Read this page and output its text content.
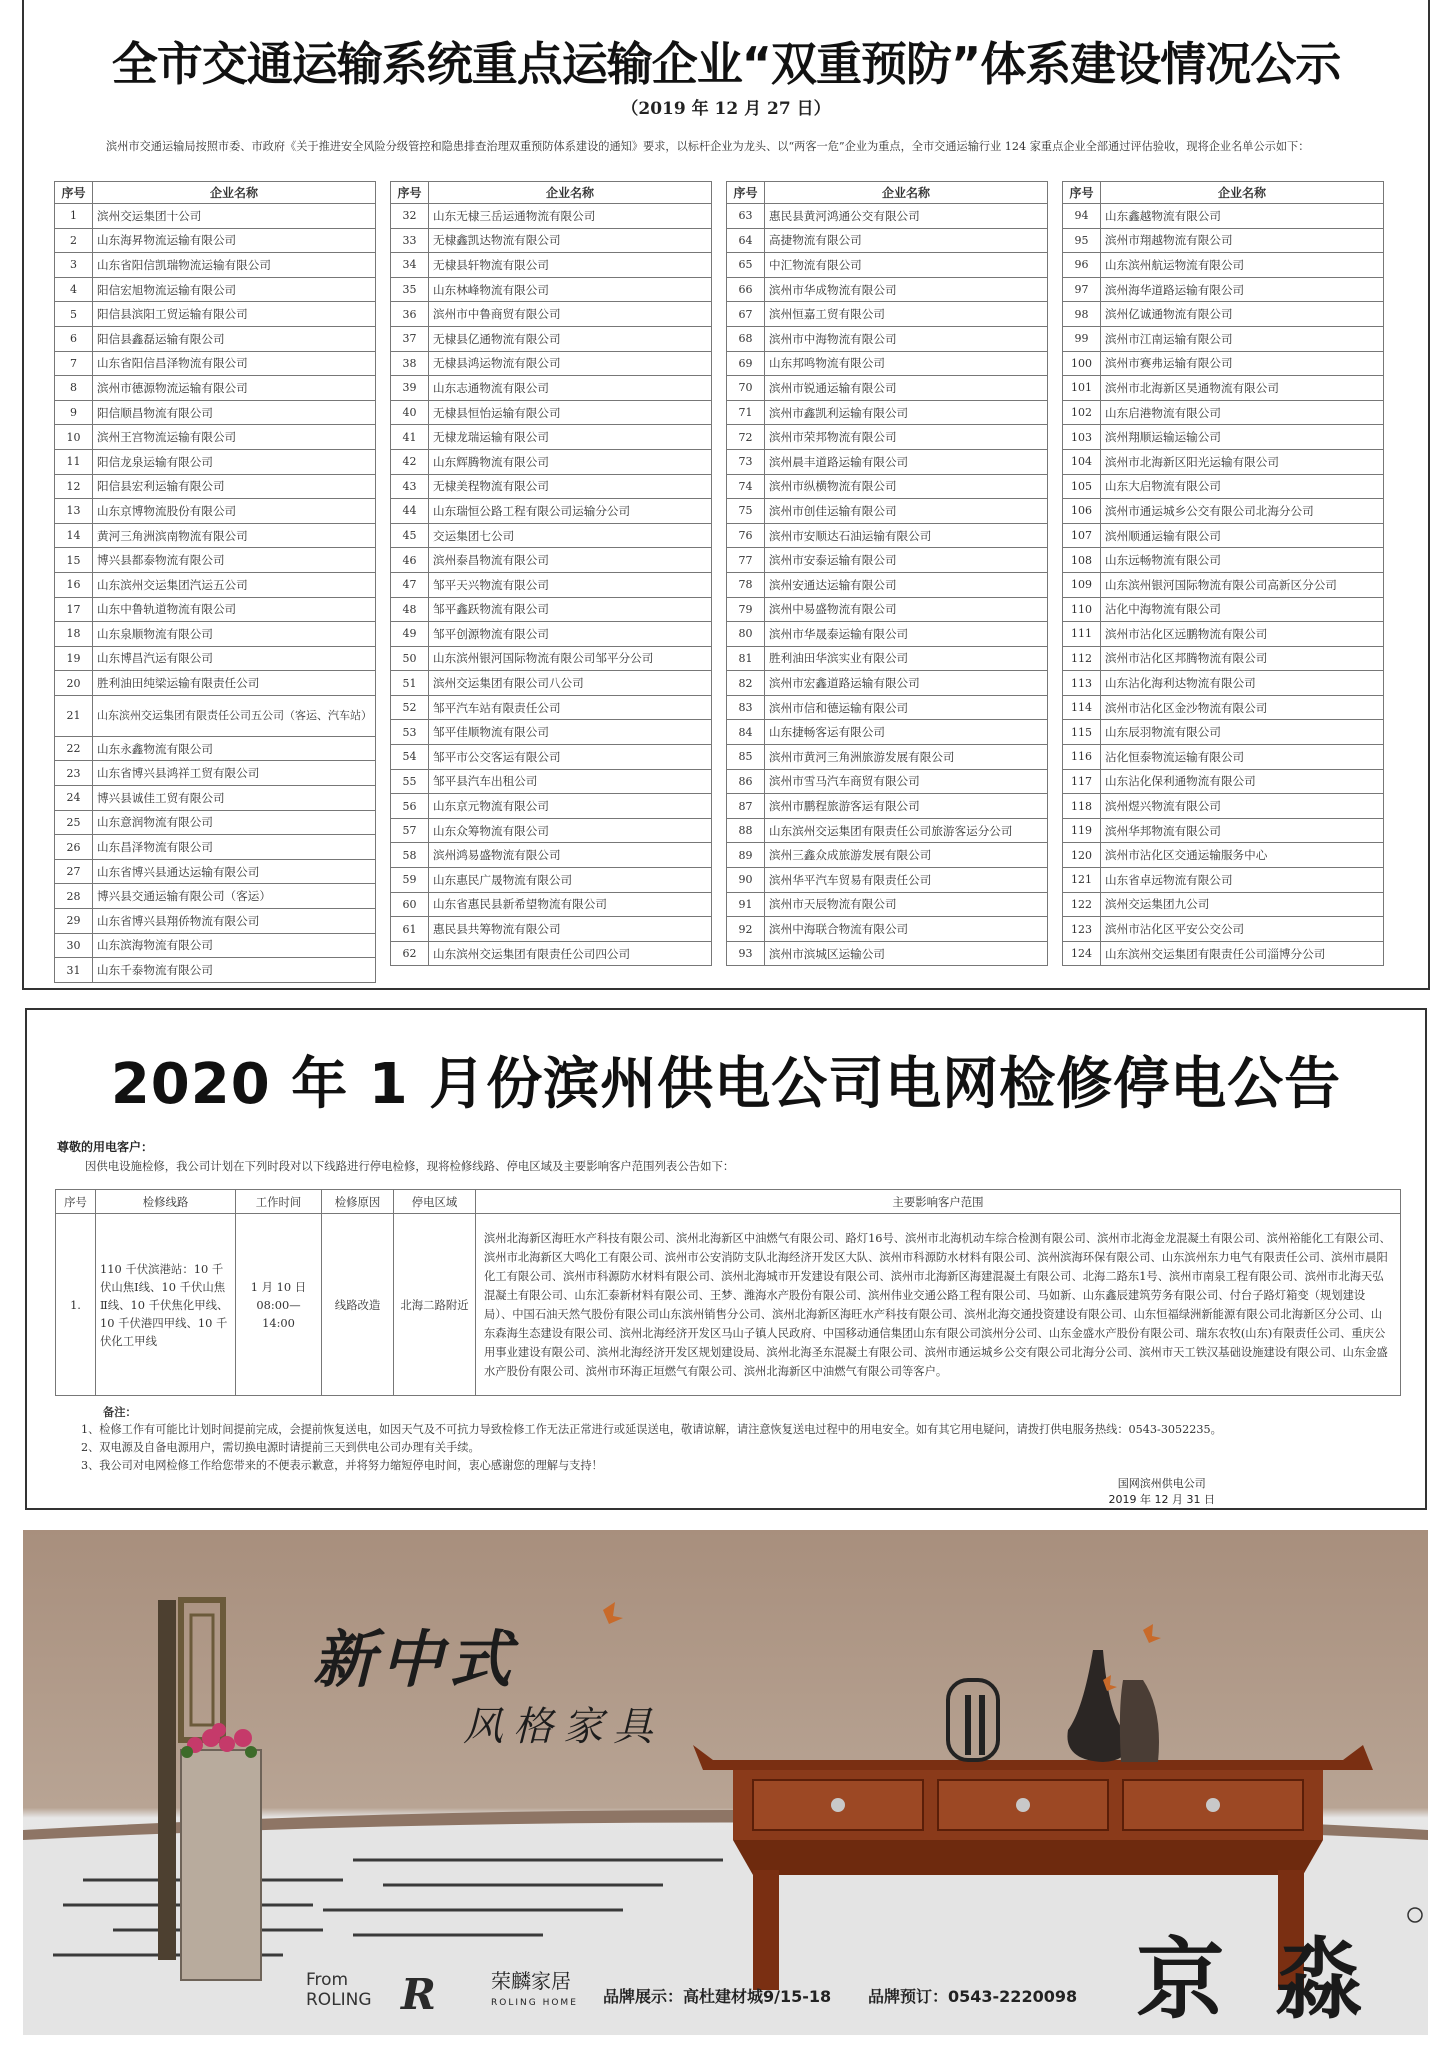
全市交通运输系统重点运输企业“双重预防”体系建设情况公示
（2019 年 12 月 27 日）
滨州市交通运输局按照市委、市政府《关于推进安全风险分级管控和隐患排查治理双重预防体系建设的通知》要求，以标杆企业为龙头、以“两客一危”企业为重点，全市交通运输行业 124 家重点企业全部通过评估验收，现将企业名单公示如下：
序号	企业名称
1	滨州交运集团十公司
2	山东海昇物流运输有限公司
3	山东省阳信凯瑞物流运输有限公司
4	阳信宏旭物流运输有限公司
5	阳信县滨阳工贸运输有限公司
6	阳信县鑫磊运输有限公司
7	山东省阳信昌泽物流有限公司
8	滨州市德源物流运输有限公司
9	阳信顺昌物流有限公司
10	滨州王宫物流运输有限公司
11	阳信龙泉运输有限公司
12	阳信县宏利运输有限公司
13	山东京博物流股份有限公司
14	黄河三角洲滨南物流有限公司
15	博兴县都泰物流有限公司
16	山东滨州交运集团汽运五公司
17	山东中鲁轨道物流有限公司
18	山东泉顺物流有限公司
19	山东博昌汽运有限公司
20	胜利油田纯梁运输有限责任公司
21	山东滨州交运集团有限责任公司五公司（客运、汽车站）
22	山东永鑫物流有限公司
23	山东省博兴县鸿祥工贸有限公司
24	博兴县诚佳工贸有限公司
25	山东意润物流有限公司
26	山东昌泽物流有限公司
27	山东省博兴县通达运输有限公司
28	博兴县交通运输有限公司（客运）
29	山东省博兴县翔侨物流有限公司
30	山东滨海物流有限公司
31	山东千泰物流有限公司
序号	企业名称
32	山东无棣三岳运通物流有限公司
33	无棣鑫凯达物流有限公司
34	无棣县轩物流有限公司
35	山东林峰物流有限公司
36	滨州市中鲁商贸有限公司
37	无棣县亿通物流有限公司
38	无棣县鸿运物流有限公司
39	山东志通物流有限公司
40	无棣县恒怡运输有限公司
41	无棣龙瑞运输有限公司
42	山东辉腾物流有限公司
43	无棣美程物流有限公司
44	山东瑞恒公路工程有限公司运输分公司
45	交运集团七公司
46	滨州泰昌物流有限公司
47	邹平天兴物流有限公司
48	邹平鑫跃物流有限公司
49	邹平创源物流有限公司
50	山东滨州银河国际物流有限公司邹平分公司
51	滨州交运集团有限公司八公司
52	邹平汽车站有限责任公司
53	邹平佳顺物流有限公司
54	邹平市公交客运有限公司
55	邹平县汽车出租公司
56	山东京元物流有限公司
57	山东众筹物流有限公司
58	滨州鸿易盛物流有限公司
59	山东惠民广晟物流有限公司
60	山东省惠民县新希望物流有限公司
61	惠民县共筹物流有限公司
62	山东滨州交运集团有限责任公司四公司
序号	企业名称
63	惠民县黄河鸿通公交有限公司
64	高捷物流有限公司
65	中汇物流有限公司
66	滨州市华成物流有限公司
67	滨州恒嘉工贸有限公司
68	滨州市中海物流有限公司
69	山东邦鸣物流有限公司
70	滨州市锐通运输有限公司
71	滨州市鑫凯利运输有限公司
72	滨州市荣邦物流有限公司
73	滨州晨丰道路运输有限公司
74	滨州市纵横物流有限公司
75	滨州市创佳运输有限公司
76	滨州市安顺达石油运输有限公司
77	滨州市安泰运输有限公司
78	滨州安通达运输有限公司
79	滨州中易盛物流有限公司
80	滨州市华晟泰运输有限公司
81	胜利油田华滨实业有限公司
82	滨州市宏鑫道路运输有限公司
83	滨州市信和德运输有限公司
84	山东捷畅客运有限公司
85	滨州市黄河三角洲旅游发展有限公司
86	滨州市雪马汽车商贸有限公司
87	滨州市鹏程旅游客运有限公司
88	山东滨州交运集团有限责任公司旅游客运分公司
89	滨州三鑫众成旅游发展有限公司
90	滨州华平汽车贸易有限责任公司
91	滨州市天辰物流有限公司
92	滨州中海联合物流有限公司
93	滨州市滨城区运输公司
序号	企业名称
94	山东鑫越物流有限公司
95	滨州市翔越物流有限公司
96	山东滨州航运物流有限公司
97	滨州海华道路运输有限公司
98	滨州亿诚通物流有限公司
99	滨州市江南运输有限公司
100	滨州市赛弗运输有限公司
101	滨州市北海新区昊通物流有限公司
102	山东启港物流有限公司
103	滨州翔顺运输运输公司
104	滨州市北海新区阳光运输有限公司
105	山东大启物流有限公司
106	滨州市通运城乡公交有限公司北海分公司
107	滨州顺通运输有限公司
108	山东远畅物流有限公司
109	山东滨州银河国际物流有限公司高新区分公司
110	沾化中海物流有限公司
111	滨州市沾化区远鹏物流有限公司
112	滨州市沾化区邦腾物流有限公司
113	山东沾化海利达物流有限公司
114	滨州市沾化区金沙物流有限公司
115	山东辰羽物流有限公司
116	沾化恒泰物流运输有限公司
117	山东沾化保利通物流有限公司
118	滨州煜兴物流有限公司
119	滨州华邦物流有限公司
120	滨州市沾化区交通运输服务中心
121	山东省卓远物流有限公司
122	滨州交运集团九公司
123	滨州市沾化区平安公交公司
124	山东滨州交运集团有限责任公司淄博分公司
2020 年 1 月份滨州供电公司电网检修停电公告
尊敬的用电客户：
因供电设施检修，我公司计划在下列时段对以下线路进行停电检修，现将检修线路、停电区域及主要影响客户范围列表公告如下：
序号	检修线路	工作时间	检修原因	停电区域	主要影响客户范围
1.	110 千伏滨港站：10 千伏山焦Ⅰ线、10 千伏山焦Ⅱ线、10 千伏焦化甲线、10 千伏港四甲线、10 千伏化工甲线	1 月 10 日
08:00—14:00	线路改造	北海二路附近	滨州北海新区海旺水产科技有限公司、滨州北海新区中油燃气有限公司、路灯16号、滨州市北海机动车综合检测有限公司、滨州市北海金龙混凝土有限公司、滨州裕能化工有限公司、滨州市北海新区大鸣化工有限公司、滨州市公安消防支队北海经济开发区大队、滨州市科源防水材料有限公司、滨州滨海环保有限公司、山东滨州东力电气有限责任公司、滨州市晨阳化工有限公司、滨州市科源防水材料有限公司、滨州北海城市开发建设有限公司、滨州市北海新区海建混凝土有限公司、北海二路东1号、滨州市南泉工程有限公司、滨州市北海天弘混凝土有限公司、山东汇泰新材料有限公司、王梦、潍海水产股份有限公司、滨州伟业交通公路工程有限公司、马如新、山东鑫辰建筑劳务有限公司、付台子路灯箱变（规划建设局）、中国石油天然气股份有限公司山东滨州销售分公司、滨州北海新区海旺水产科技有限公司、滨州北海交通投资建设有限公司、山东恒福绿洲新能源有限公司北海新区分公司、山东森海生态建设有限公司、滨州北海经济开发区马山子镇人民政府、中国移动通信集团山东有限公司滨州分公司、山东金盛水产股份有限公司、瑞东农牧(山东)有限责任公司、重庆公用事业建设有限公司、滨州北海经济开发区规划建设局、滨州北海圣东混凝土有限公司、滨州市通运城乡公交有限公司北海分公司、滨州市天工铁汉基础设施建设有限公司、山东金盛水产股份有限公司、滨州市环海正垣燃气有限公司、滨州北海新区中油燃气有限公司等客户。
备注：
1、检修工作有可能比计划时间提前完成，会提前恢复送电，如因天气及不可抗力导致检修工作无法正常进行或延误送电，敬请谅解，请注意恢复送电过程中的用电安全。如有其它用电疑问，请拨打供电服务热线：0543-3052235。
2、双电源及自备电源用户，需切换电源时请提前三天到供电公司办理有关手续。
3、我公司对电网检修工作给您带来的不便表示歉意，并将努力缩短停电时间，衷心感谢您的理解与支持！
国网滨州供电公司
2019 年 12 月 31 日
新中式
风格家具
京 淼
From
ROLING R	荣麟家居
ROLING HOME 品牌展示：高杜建材城9/15-18 品牌预订：0543-2220098
